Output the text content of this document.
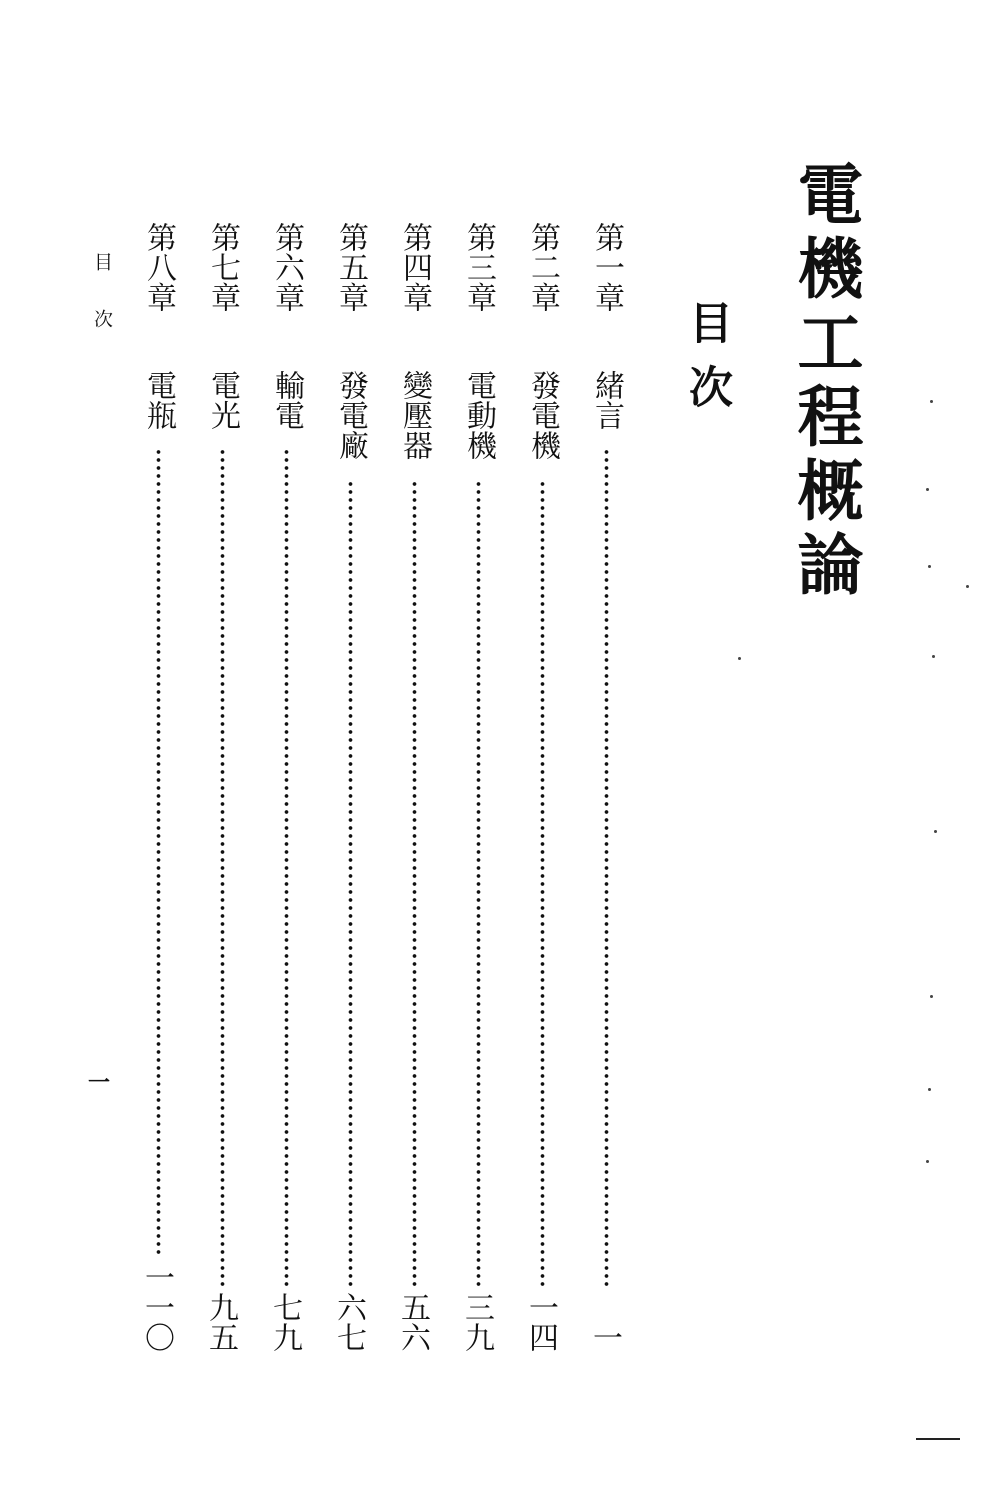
電機工程概論
目次
第一章
緒言
一
第二章
發電機
一四
第三章
電動機
三九
第四章
變壓器
五六
第五章
發電廠
六七
第六章
輸電
七九
第七章
電光
九五
第八章
電瓶
一一〇
目次
一
